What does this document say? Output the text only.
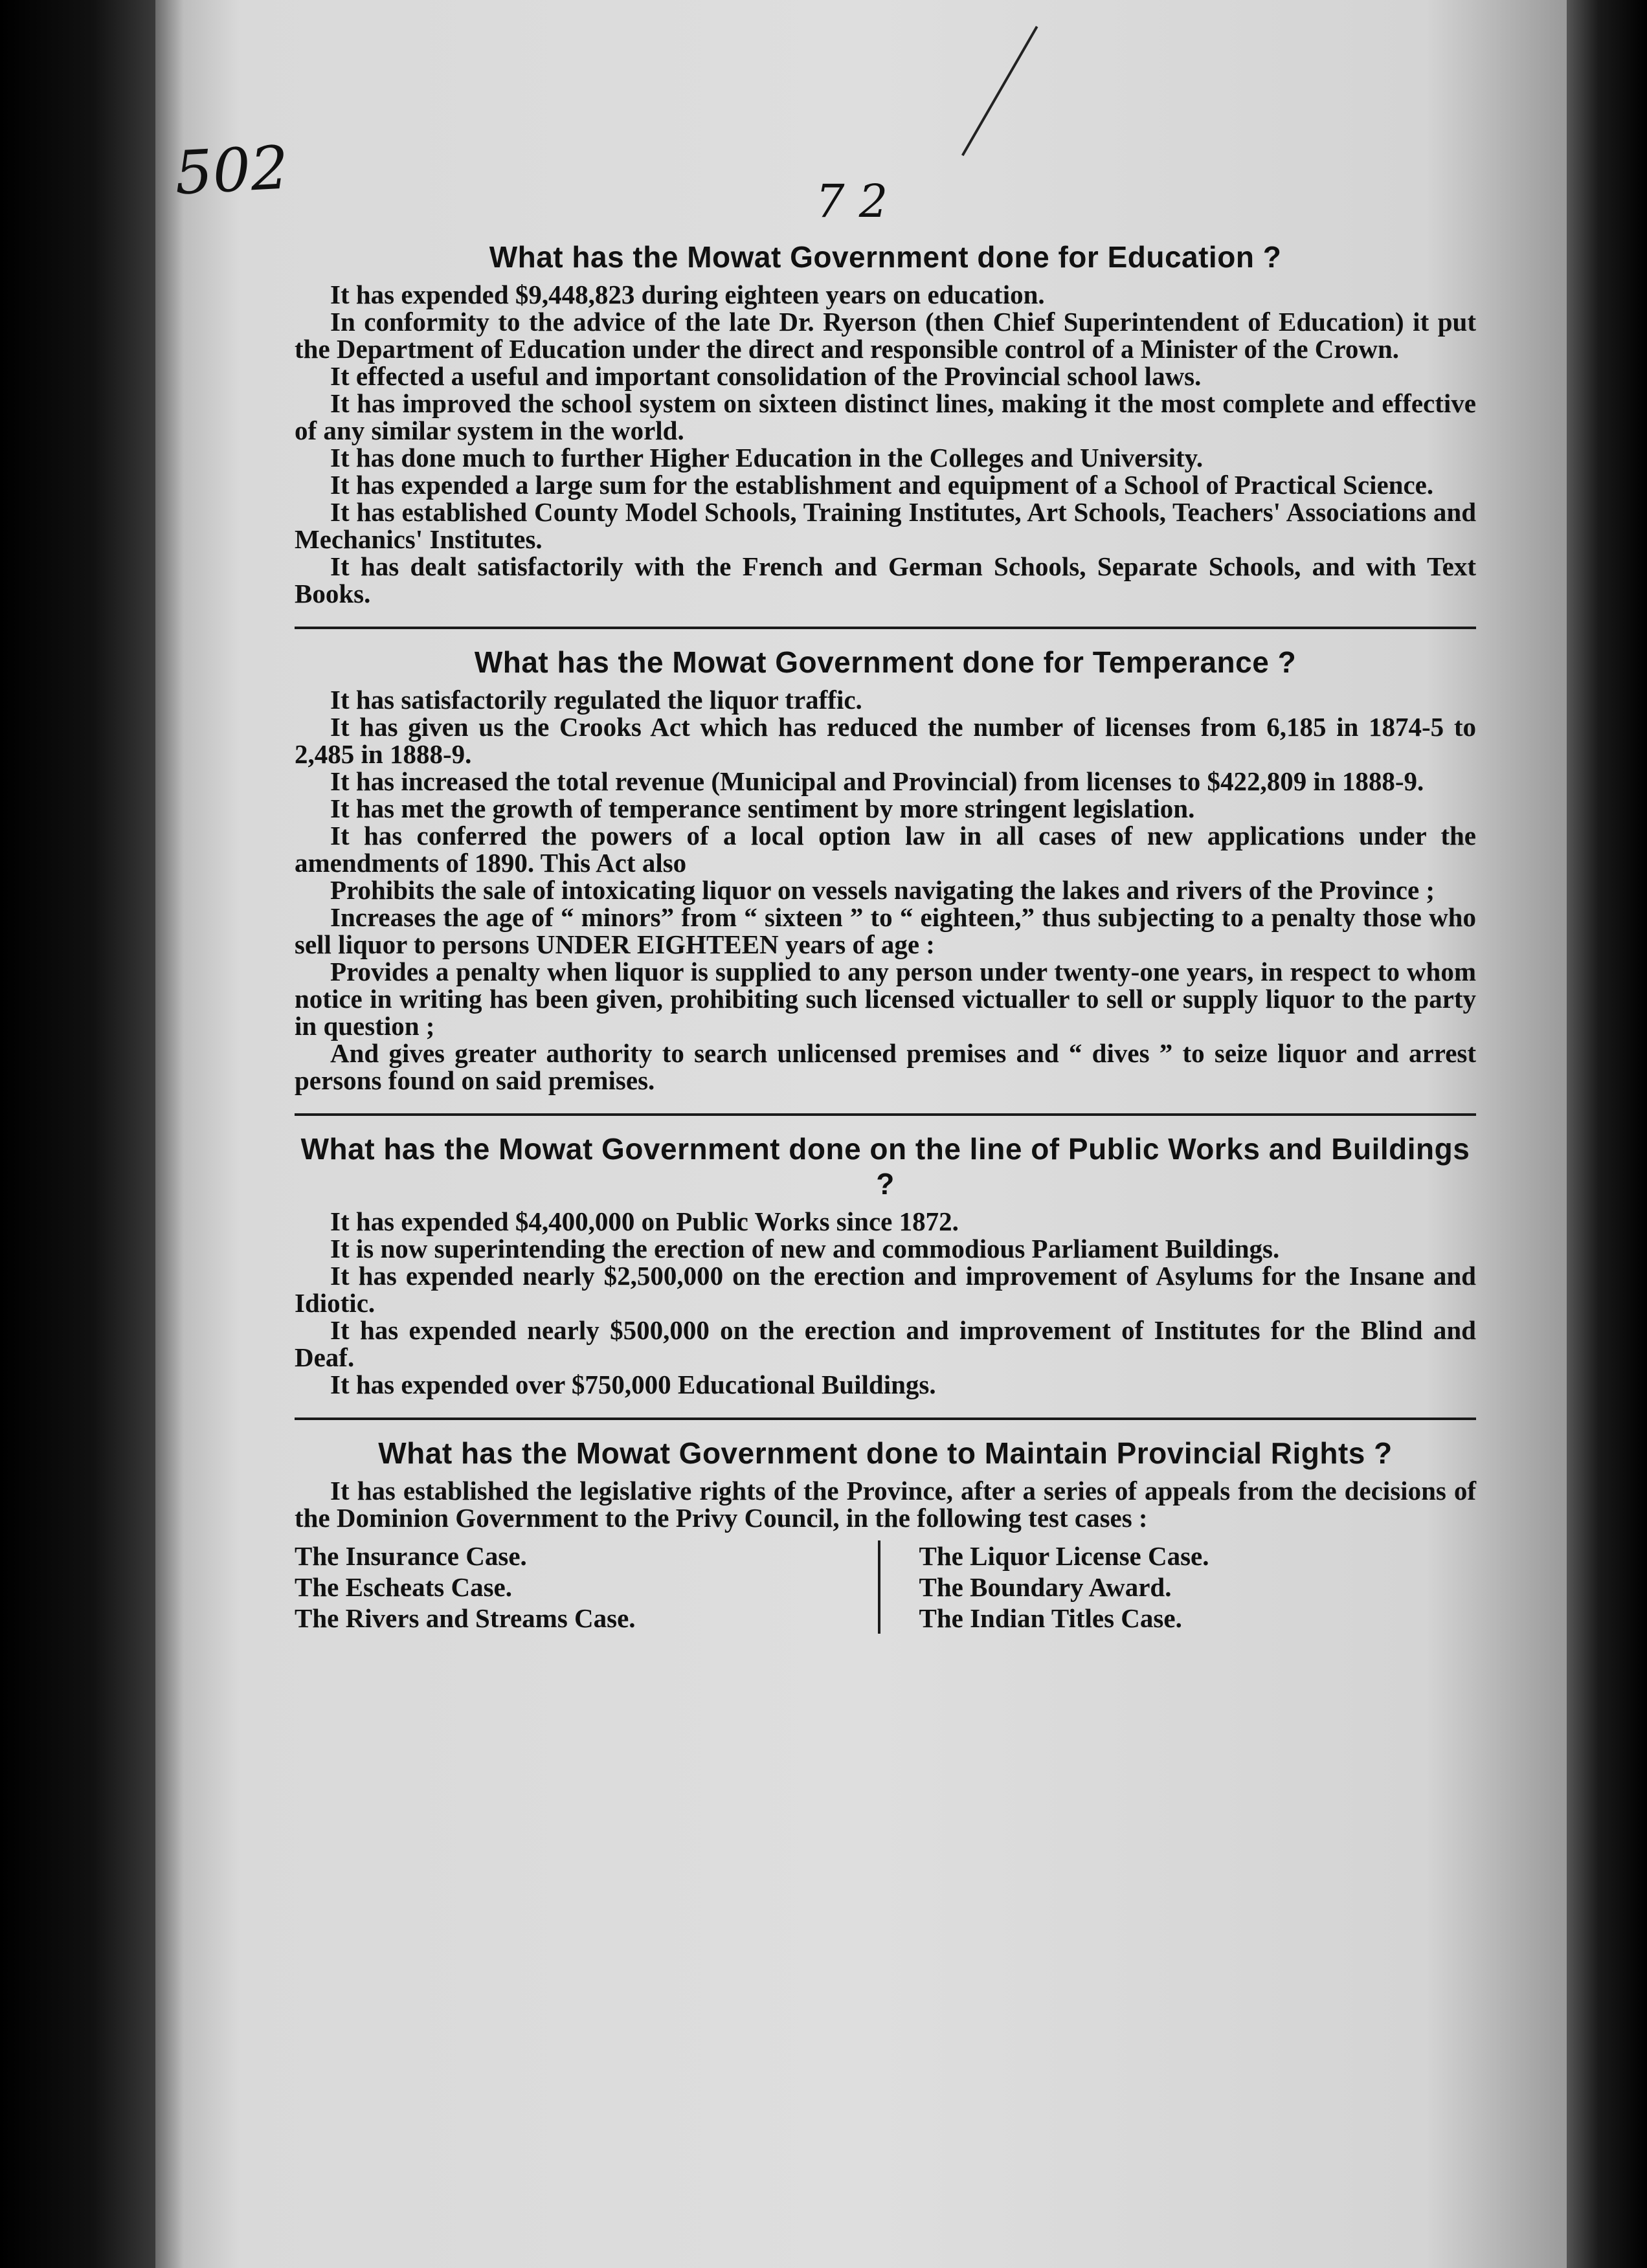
502	7 2
What has the Mowat Government done for Education ?

It has expended $9,448,823 during eighteen years on education.

In conformity to the advice of the late Dr. Ryerson (then Chief Superintendent of Education) it put the Department of Education under the direct and responsible control of a Minister of the Crown.

It effected a useful and important consolidation of the Provincial school laws.

It has improved the school system on sixteen distinct lines, making it the most complete and effective of any similar system in the world.

It has done much to further Higher Education in the Colleges and University.

It has expended a large sum for the establishment and equipment of a School of Practical Science.

It has established County Model Schools, Training Institutes, Art Schools, Teachers' Associations and Mechanics' Institutes.

It has dealt satisfactorily with the French and German Schools, Separate Schools, and with Text Books.

What has the Mowat Government done for Temperance ?

It has satisfactorily regulated the liquor traffic.

It has given us the Crooks Act which has reduced the number of licenses from 6,185 in 1874-5 to 2,485 in 1888-9.

It has increased the total revenue (Municipal and Provincial) from licenses to $422,809 in 1888-9.

It has met the growth of temperance sentiment by more stringent legislation.

It has conferred the powers of a local option law in all cases of new applications under the amendments of 1890. This Act also

Prohibits the sale of intoxicating liquor on vessels navigating the lakes and rivers of the Province ;

Increases the age of “ minors” from “ sixteen ” to “ eighteen,” thus subjecting to a penalty those who sell liquor to persons UNDER EIGHTEEN years of age :

Provides a penalty when liquor is supplied to any person under twenty-one years, in respect to whom notice in writing has been given, prohibiting such licensed victualler to sell or supply liquor to the party in question ;

And gives greater authority to search unlicensed premises and “ dives ” to seize liquor and arrest persons found on said premises.

What has the Mowat Government done on the line of Public Works and Buildings ?

It has expended $4,400,000 on Public Works since 1872.

It is now superintending the erection of new and commodious Parliament Buildings.

It has expended nearly $2,500,000 on the erection and improvement of Asylums for the Insane and Idiotic.

It has expended nearly $500,000 on the erection and improvement of Institutes for the Blind and Deaf.

It has expended over $750,000 Educational Buildings.

What has the Mowat Government done to Maintain Provincial Rights ?

It has established the legislative rights of the Province, after a series of appeals from the decisions of the Dominion Government to the Privy Council, in the following test cases :

The Insurance Case.
The Escheats Case.
The Rivers and Streams Case.
The Liquor License Case.
The Boundary Award.
The Indian Titles Case.
